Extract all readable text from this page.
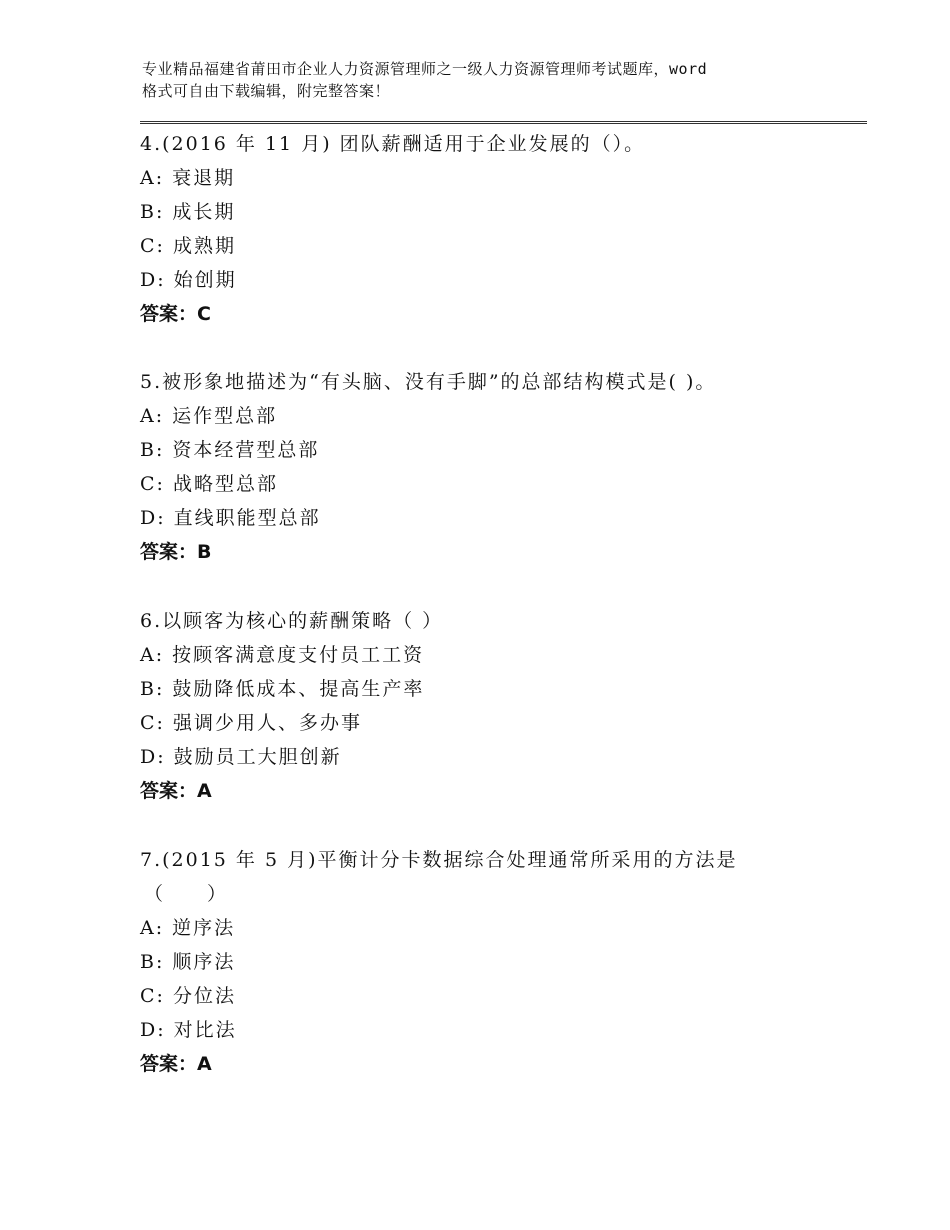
专业精品福建省莆田市企业人力资源管理师之一级人力资源管理师考试题库，word
格式可自由下载编辑，附完整答案！
4.(2016 年 11 月) 团队薪酬适用于企业发展的（）。
A: 衰退期
B: 成长期
C: 成熟期
D: 始创期
答案：C
5.被形象地描述为“有头脑、没有手脚”的总部结构模式是( )。
A: 运作型总部
B: 资本经营型总部
C: 战略型总部
D: 直线职能型总部
答案：B
6.以顾客为核心的薪酬策略（ ）
A: 按顾客满意度支付员工工资
B: 鼓励降低成本、提高生产率
C: 强调少用人、多办事
D: 鼓励员工大胆创新
答案：A
7.(2015 年 5 月)平衡计分卡数据综合处理通常所采用的方法是
（　　）
A: 逆序法
B: 顺序法
C: 分位法
D: 对比法
答案：A
